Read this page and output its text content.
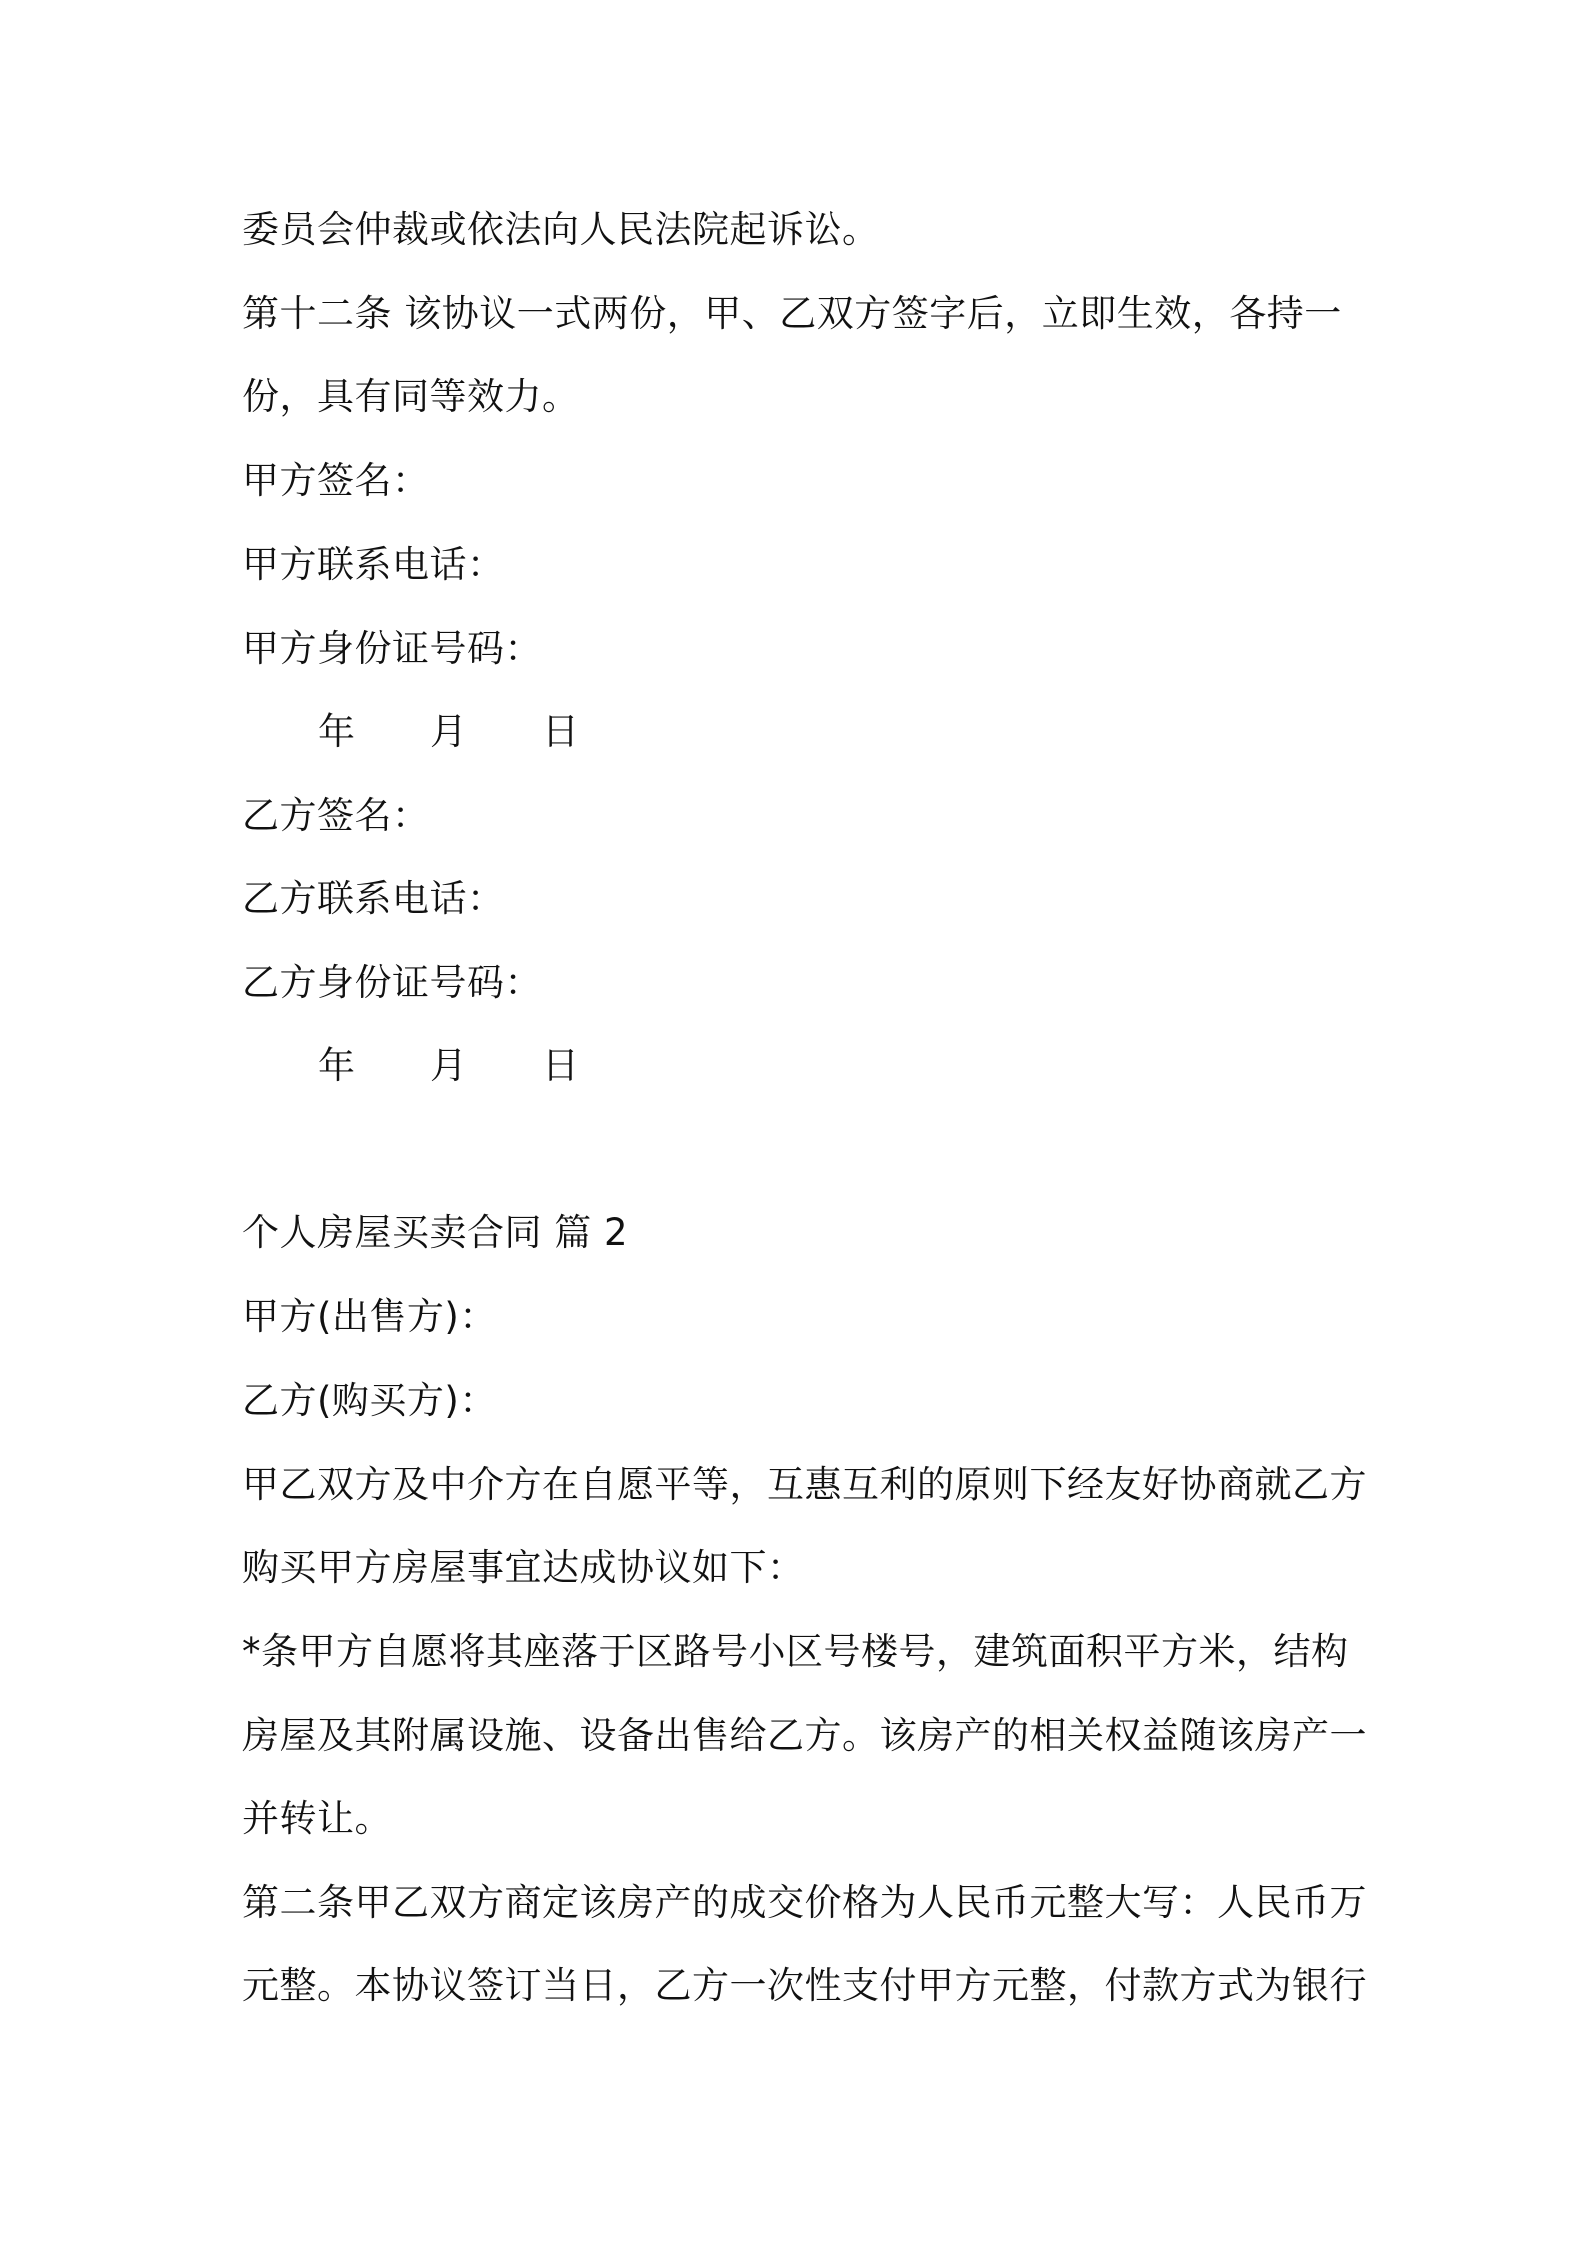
委员会仲裁或依法向人民法院起诉讼。
第十二条 该协议一式两份，甲、乙双方签字后，立即生效，各持一
份，具有同等效力。
甲方签名：
甲方联系电话：
甲方身份证号码：
年 月 日
乙方签名：
乙方联系电话：
乙方身份证号码：
年 月 日
个人房屋买卖合同 篇 2
甲方(出售方)：
乙方(购买方)：
甲乙双方及中介方在自愿平等，互惠互利的原则下经友好协商就乙方
购买甲方房屋事宜达成协议如下：
*条甲方自愿将其座落于区路号小区号楼号，建筑面积平方米，结构
房屋及其附属设施、设备出售给乙方。该房产的相关权益随该房产一
并转让。
第二条甲乙双方商定该房产的成交价格为人民币元整大写：人民币万
元整。本协议签订当日，乙方一次性支付甲方元整，付款方式为银行
